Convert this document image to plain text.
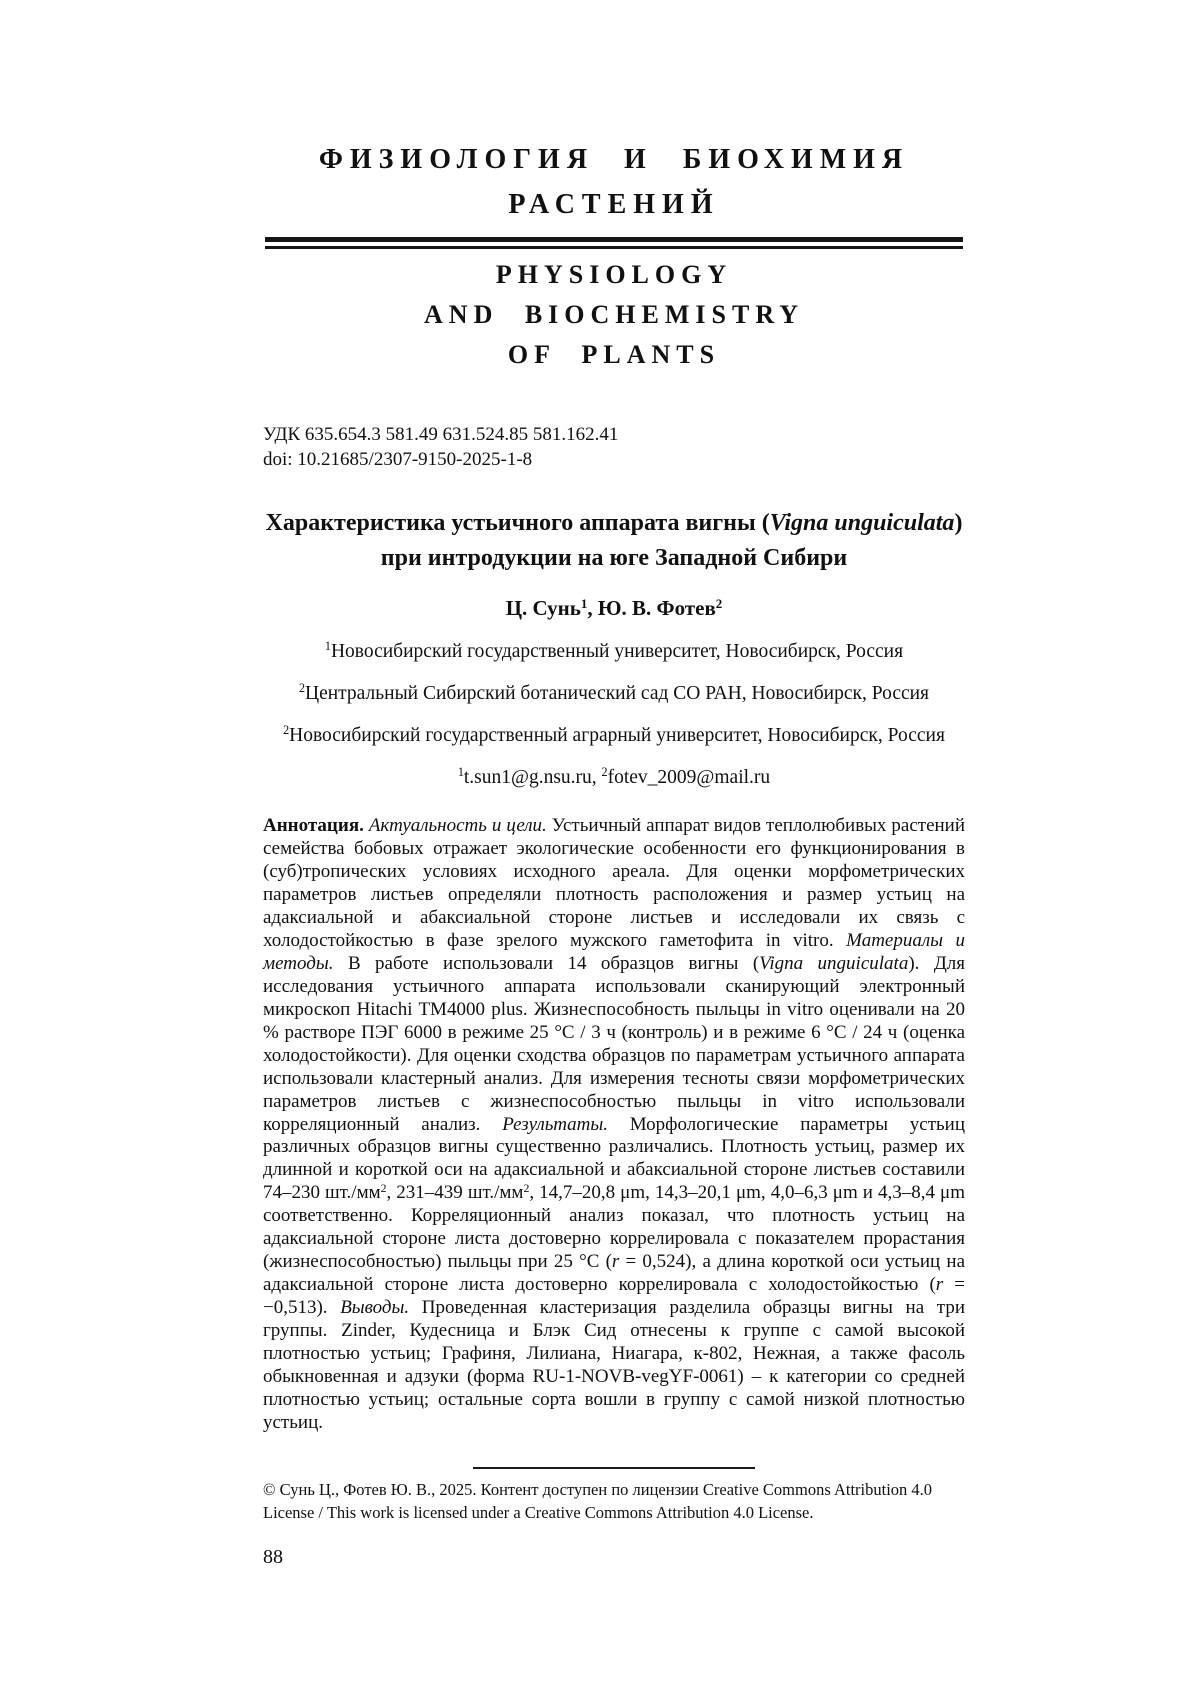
ФИЗИОЛОГИЯ И БИОХИМИЯ
РАСТЕНИЙ
PHYSIOLOGY
AND BIOCHEMISTRY
OF PLANTS
УДК 635.654.3 581.49 631.524.85 581.162.41
doi: 10.21685/2307-9150-2025-1-8
Характеристика устьичного аппарата вигны (Vigna unguiculata)
при интродукции на юге Западной Сибири
Ц. Сунь$^1$, Ю. В. Фотев$^2$
$^1$Новосибирский государственный университет, Новосибирск, Россия
$^2$Центральный Сибирский ботанический сад СО РАН, Новосибирск, Россия
$^2$Новосибирский государственный аграрный университет, Новосибирск, Россия
$^1$t.sun1@g.nsu.ru, $^2$fotev_2009@mail.ru
Аннотация. Актуальность и цели. Устьичный аппарат видов теплолюбивых растений семейства бобовых отражает экологические особенности его функционирования в (суб)тропических условиях исходного ареала. Для оценки морфометрических параметров листьев определяли плотность расположения и размер устьиц на адаксиальной и абаксиальной стороне листьев и исследовали их связь с холодостойкостью в фазе зрелого мужского гаметофита in vitro. Материалы и методы. В работе использовали 14 образцов вигны (Vigna unguiculata). Для исследования устьичного аппарата использовали сканирующий электронный микроскоп Hitachi TM4000 plus. Жизнеспособность пыльцы in vitro оценивали на 20 % растворе ПЭГ 6000 в режиме 25 °C / 3 ч (контроль) и в режиме 6 °C / 24 ч (оценка холодостойкости). Для оценки сходства образцов по параметрам устьичного аппарата использовали кластерный анализ. Для измерения тесноты связи морфометрических параметров листьев с жизнеспособностью пыльцы in vitro использовали корреляционный анализ. Результаты. Морфологические параметры устьиц различных образцов вигны существенно различались. Плотность устьиц, размер их длинной и короткой оси на адаксиальной и абаксиальной стороне листьев составили 74–230 $шт./мм^2$, 231–439 $шт./мм^2$, 14,7–20,8 μm, 14,3–20,1 μm, 4,0–6,3 μm и 4,3–8,4 μm соответственно. Корреляционный анализ показал, что плотность устьиц на адаксиальной стороне листа достоверно коррелировала с показателем прорастания (жизнеспособностью) пыльцы при 25 °C (r = 0,524), а длина короткой оси устьиц на адаксиальной стороне листа достоверно коррелировала с холодостойкостью (r = −0,513). Выводы. Проведенная кластеризация разделила образцы вигны на три группы. Zinder, Кудесница и Блэк Сид отнесены к группе с самой высокой плотностью устьиц; Графиня, Лилиана, Ниагара, к-802, Нежная, а также фасоль обыкновенная и адзуки (форма RU-1-NOVB-vegYF-0061) – к категории со средней плотностью устьиц; остальные сорта вошли в группу с самой низкой плотностью устьиц.
© Сунь Ц., Фотев Ю. В., 2025. Контент доступен по лицензии Creative Commons Attribution 4.0 License / This work is licensed under a Creative Commons Attribution 4.0 License.
88
